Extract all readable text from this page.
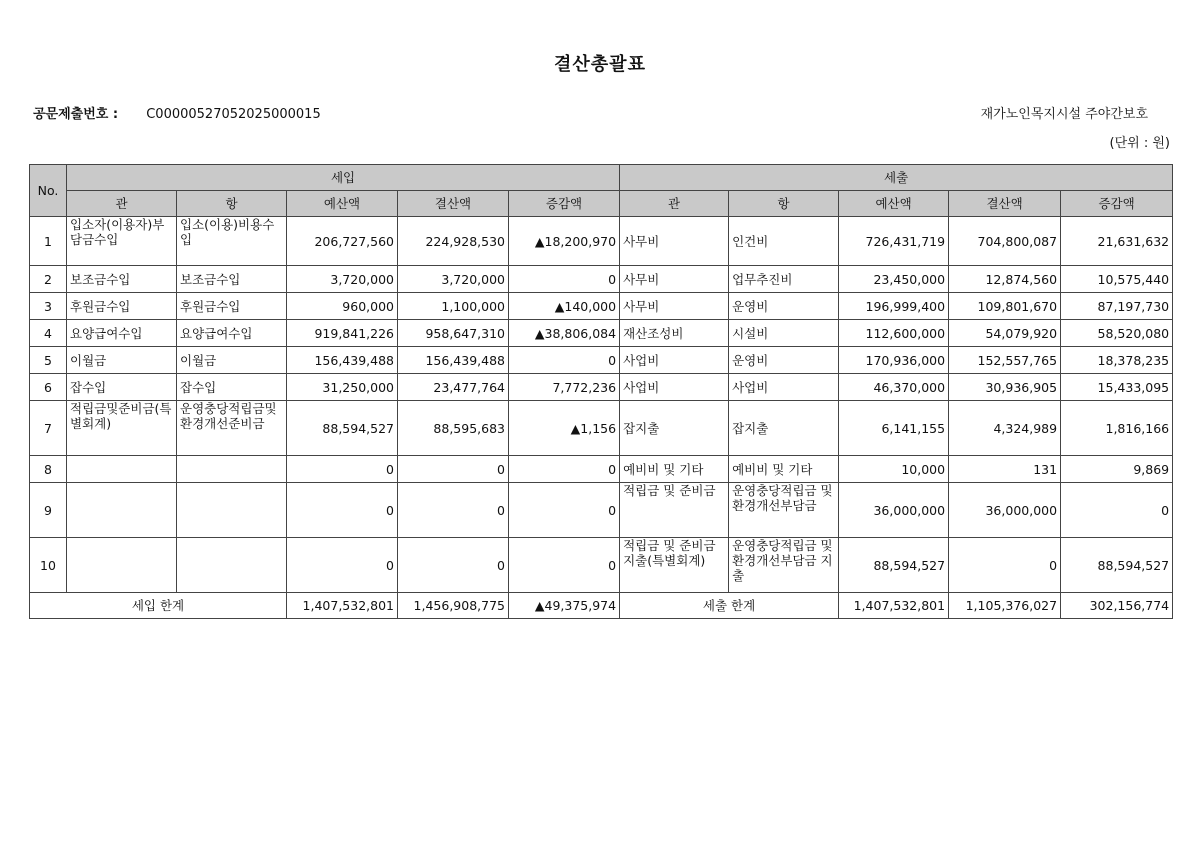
결산총괄표
공문제출번호 : C00000527052025000015	재가노인목지시설 주야간보호
(단위 : 원)
No.	세입					세출				
	관	항	예산액	결산액	증감액	관	항	예산액	결산액	증감액
1	입소자(이용자)부담금수입	입소(이용)비용수입	206,727,560	224,928,530	▲18,200,970	사무비	인건비	726,431,719	704,800,087	21,631,632
2	보조금수입	보조금수입	3,720,000	3,720,000	0	사무비	업무추진비	23,450,000	12,874,560	10,575,440
3	후원금수입	후원금수입	960,000	1,100,000	▲140,000	사무비	운영비	196,999,400	109,801,670	87,197,730
4	요양급여수입	요양급여수입	919,841,226	958,647,310	▲38,806,084	재산조성비	시설비	112,600,000	54,079,920	58,520,080
5	이월금	이월금	156,439,488	156,439,488	0	사업비	운영비	170,936,000	152,557,765	18,378,235
6	잡수입	잡수입	31,250,000	23,477,764	7,772,236	사업비	사업비	46,370,000	30,936,905	15,433,095
7	적립금및준비금(특별회계)	운영충당적립금및환경개선준비금	88,594,527	88,595,683	▲1,156	잡지출	잡지출	6,141,155	4,324,989	1,816,166
8			0	0	0	예비비 및 기타	예비비 및 기타	10,000	131	9,869
9			0	0	0	적립금 및 준비금	운영충당적립금 및 환경개선부담금	36,000,000	36,000,000	0
10			0	0	0	적립금 및 준비금 지출(특별회계)	운영충당적립금 및 환경개선부담금 지출	88,594,527	0	88,594,527
세입 한계			1,407,532,801	1,456,908,775	▲49,375,974	세출 한계		1,407,532,801	1,105,376,027	302,156,774
